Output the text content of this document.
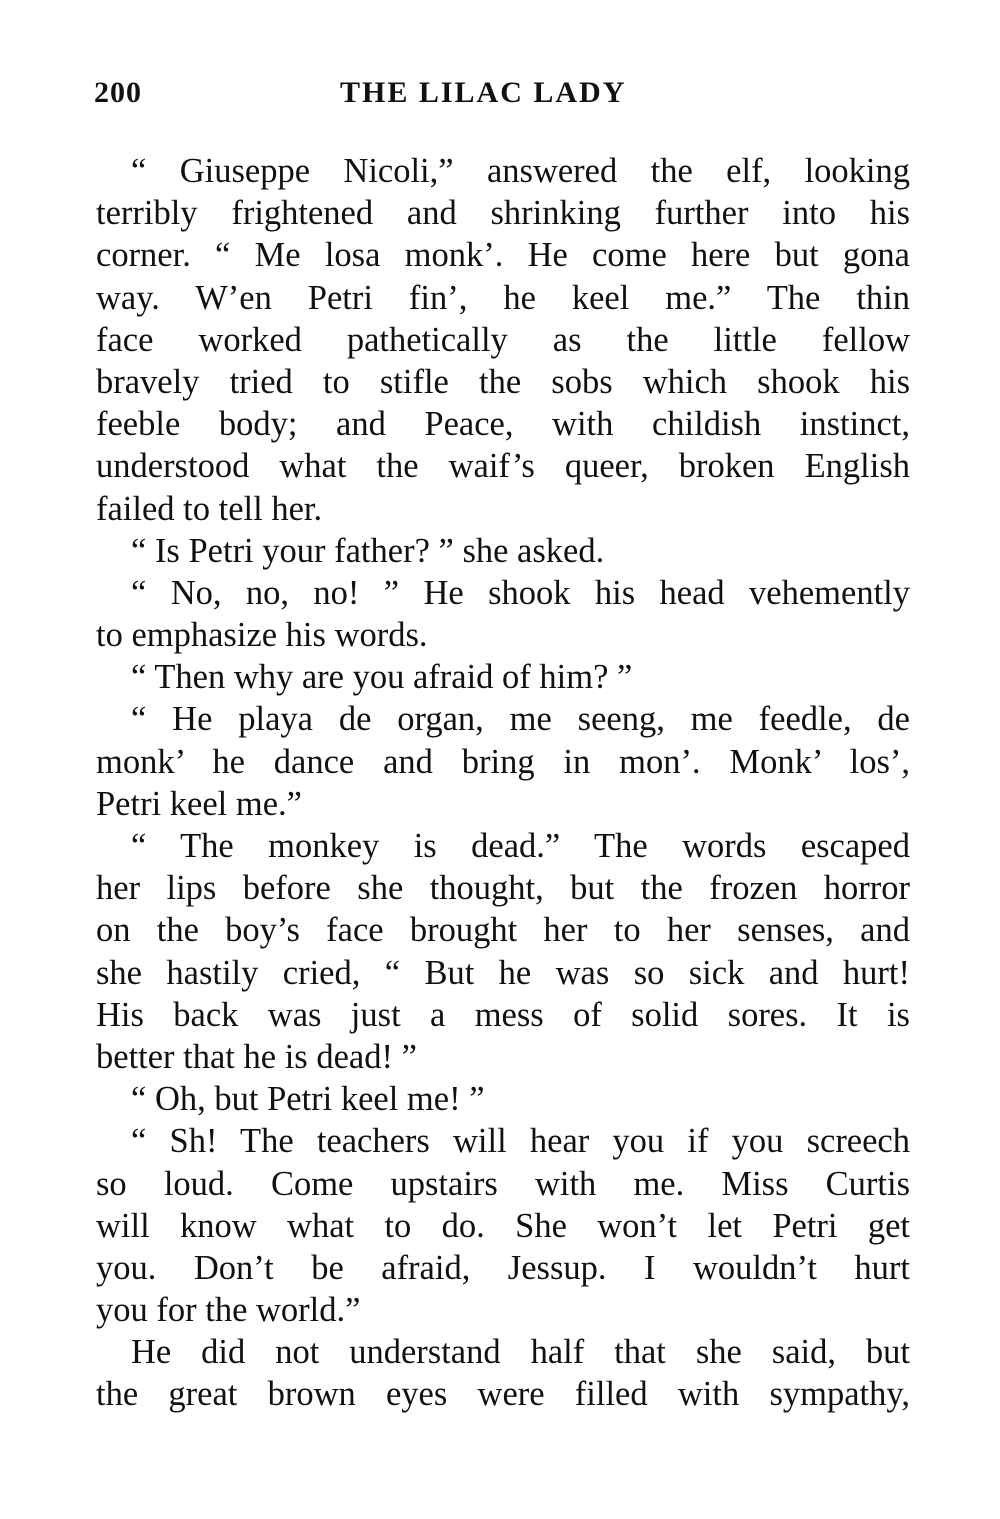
200	THE LILAC LADY
“ Giuseppe Nicoli,” answered the elf, looking
terribly frightened and shrinking further into his
corner. “ Me losa monk’. He come here but gona
way. W’en Petri fin’, he keel me.” The thin
face worked pathetically as the little fellow
bravely tried to stifle the sobs which shook his
feeble body; and Peace, with childish instinct,
understood what the waif’s queer, broken English
failed to tell her.
“ Is Petri your father? ” she asked.
“ No, no, no! ” He shook his head vehemently
to emphasize his words.
“ Then why are you afraid of him? ”
“ He playa de organ, me seeng, me feedle, de
monk’ he dance and bring in mon’. Monk’ los’,
Petri keel me.”
“ The monkey is dead.” The words escaped
her lips before she thought, but the frozen horror
on the boy’s face brought her to her senses, and
she hastily cried, “ But he was so sick and hurt!
His back was just a mess of solid sores. It is
better that he is dead! ”
“ Oh, but Petri keel me! ”
“ Sh! The teachers will hear you if you screech
so loud. Come upstairs with me. Miss Curtis
will know what to do. She won’t let Petri get
you. Don’t be afraid, Jessup. I wouldn’t hurt
you for the world.”
He did not understand half that she said, but
the great brown eyes were filled with sympathy,
